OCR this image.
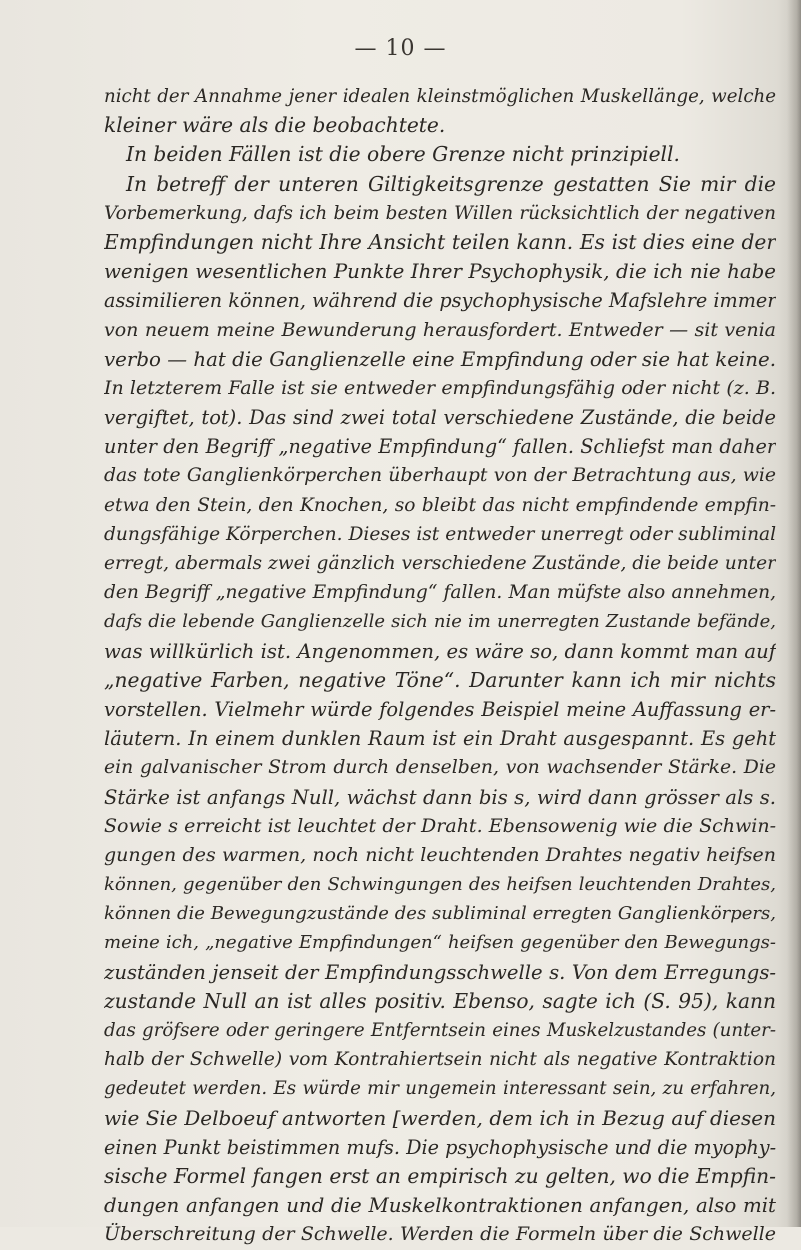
— 10 —
nicht der Annahme jener idealen kleinstmöglichen Muskellänge, welche
kleiner wäre als die beobachtete.
In beiden Fällen ist die obere Grenze nicht prinzipiell.
In betreff der unteren Giltigkeitsgrenze gestatten Sie mir die
Vorbemerkung, dafs ich beim besten Willen rücksichtlich der negativen
Empfindungen nicht Ihre Ansicht teilen kann. Es ist dies eine der
wenigen wesentlichen Punkte Ihrer Psychophysik, die ich nie habe
assimilieren können, während die psychophysische Mafslehre immer
von neuem meine Bewunderung herausfordert. Entweder — sit venia
verbo — hat die Ganglienzelle eine Empfindung oder sie hat keine.
In letzterem Falle ist sie entweder empfindungsfähig oder nicht (z. B.
vergiftet, tot). Das sind zwei total verschiedene Zustände, die beide
unter den Begriff „negative Empfindung“ fallen. Schliefst man daher
das tote Ganglienkörperchen überhaupt von der Betrachtung aus, wie
etwa den Stein, den Knochen, so bleibt das nicht empfindende empfin-
dungsfähige Körperchen. Dieses ist entweder unerregt oder subliminal
erregt, abermals zwei gänzlich verschiedene Zustände, die beide unter
den Begriff „negative Empfindung“ fallen. Man müfste also annehmen,
dafs die lebende Ganglienzelle sich nie im unerregten Zustande befände,
was willkürlich ist. Angenommen, es wäre so, dann kommt man auf
„negative Farben, negative Töne“. Darunter kann ich mir nichts
vorstellen. Vielmehr würde folgendes Beispiel meine Auffassung er-
läutern. In einem dunklen Raum ist ein Draht ausgespannt. Es geht
ein galvanischer Strom durch denselben, von wachsender Stärke. Die
Stärke ist anfangs Null, wächst dann bis s, wird dann grösser als s.
Sowie s erreicht ist leuchtet der Draht. Ebensowenig wie die Schwin-
gungen des warmen, noch nicht leuchtenden Drahtes negativ heifsen
können, gegenüber den Schwingungen des heifsen leuchtenden Drahtes,
können die Bewegungzustände des subliminal erregten Ganglienkörpers,
meine ich, „negative Empfindungen“ heifsen gegenüber den Bewegungs-
zuständen jenseit der Empfindungsschwelle s. Von dem Erregungs-
zustande Null an ist alles positiv. Ebenso, sagte ich (S. 95), kann
das gröfsere oder geringere Entferntsein eines Muskelzustandes (unter-
halb der Schwelle) vom Kontrahiertsein nicht als negative Kontraktion
gedeutet werden. Es würde mir ungemein interessant sein, zu erfahren,
wie Sie Delboeuf antworten [werden, dem ich in Bezug auf diesen
einen Punkt beistimmen mufs. Die psychophysische und die myophy-
sische Formel fangen erst an empirisch zu gelten, wo die Empfin-
dungen anfangen und die Muskelkontraktionen anfangen, also mit
Überschreitung der Schwelle. Werden die Formeln über die Schwelle
